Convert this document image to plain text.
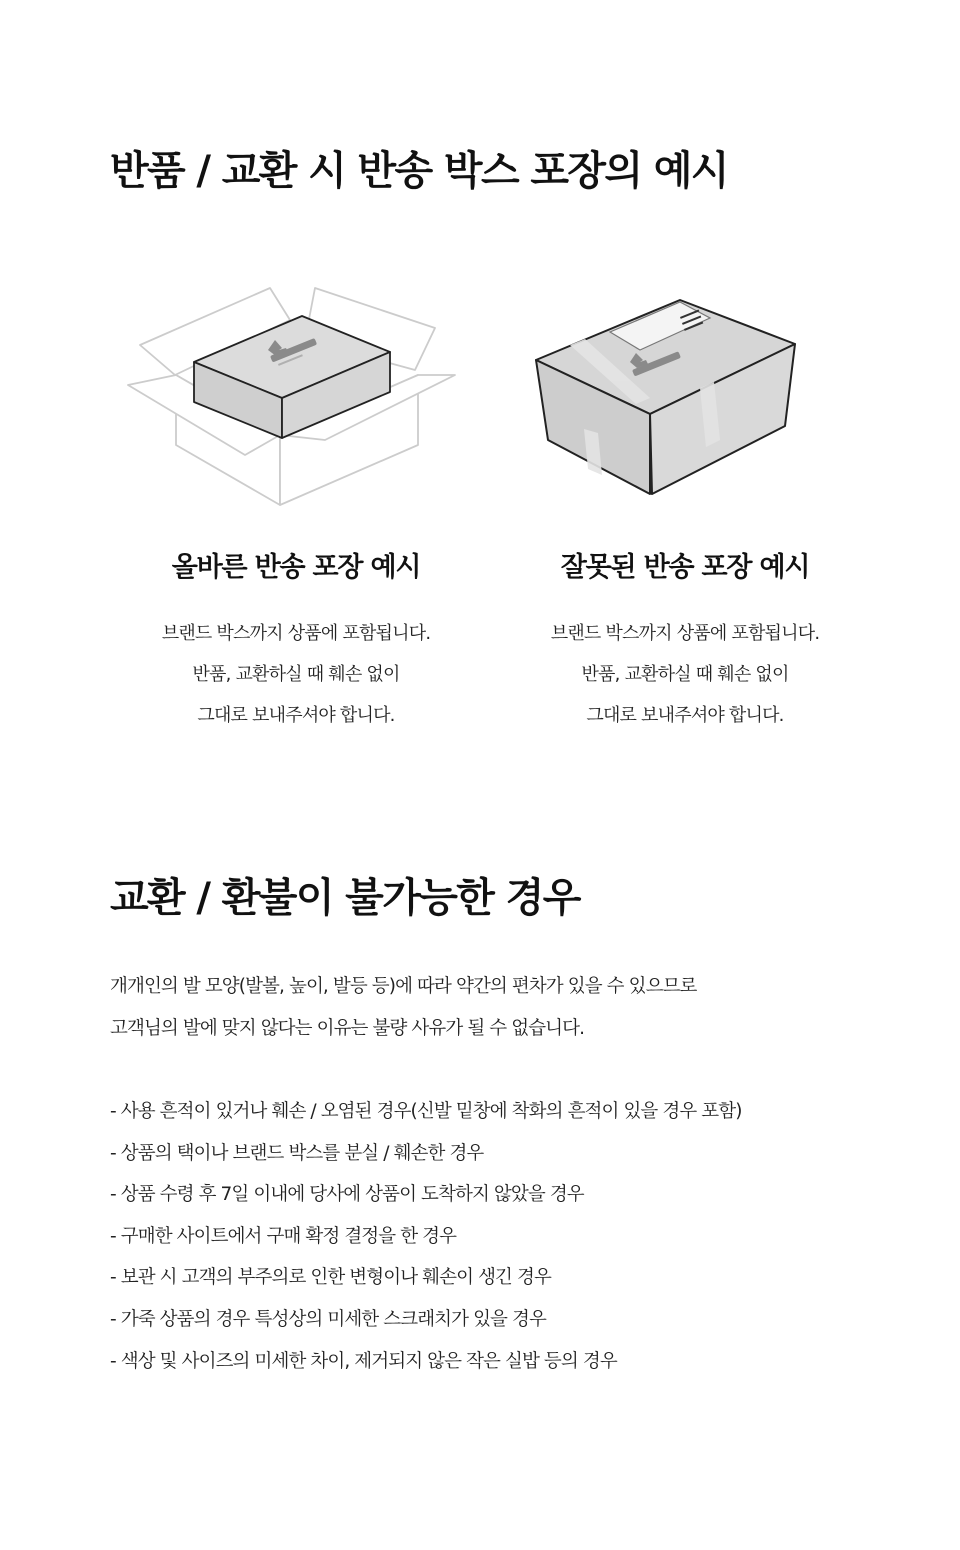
반품 / 교환 시 반송 박스 포장의 예시
올바른 반송 포장 예시
브랜드 박스까지 상품에 포함됩니다.
반품, 교환하실 때 훼손 없이
그대로 보내주셔야 합니다.
잘못된 반송 포장 예시
브랜드 박스까지 상품에 포함됩니다.
반품, 교환하실 때 훼손 없이
그대로 보내주셔야 합니다.
교환 / 환불이 불가능한 경우
개개인의 발 모양(발볼, 높이, 발등 등)에 따라 약간의 편차가 있을 수 있으므로
고객님의 발에 맞지 않다는 이유는 불량 사유가 될 수 없습니다.
- 사용 흔적이 있거나 훼손 / 오염된 경우(신발 밑창에 착화의 흔적이 있을 경우 포함)
- 상품의 택이나 브랜드 박스를 분실 / 훼손한 경우
- 상품 수령 후 7일 이내에 당사에 상품이 도착하지 않았을 경우
- 구매한 사이트에서 구매 확정 결정을 한 경우
- 보관 시 고객의 부주의로 인한 변형이나 훼손이 생긴 경우
- 가죽 상품의 경우 특성상의 미세한 스크래치가 있을 경우
- 색상 및 사이즈의 미세한 차이, 제거되지 않은 작은 실밥 등의 경우
